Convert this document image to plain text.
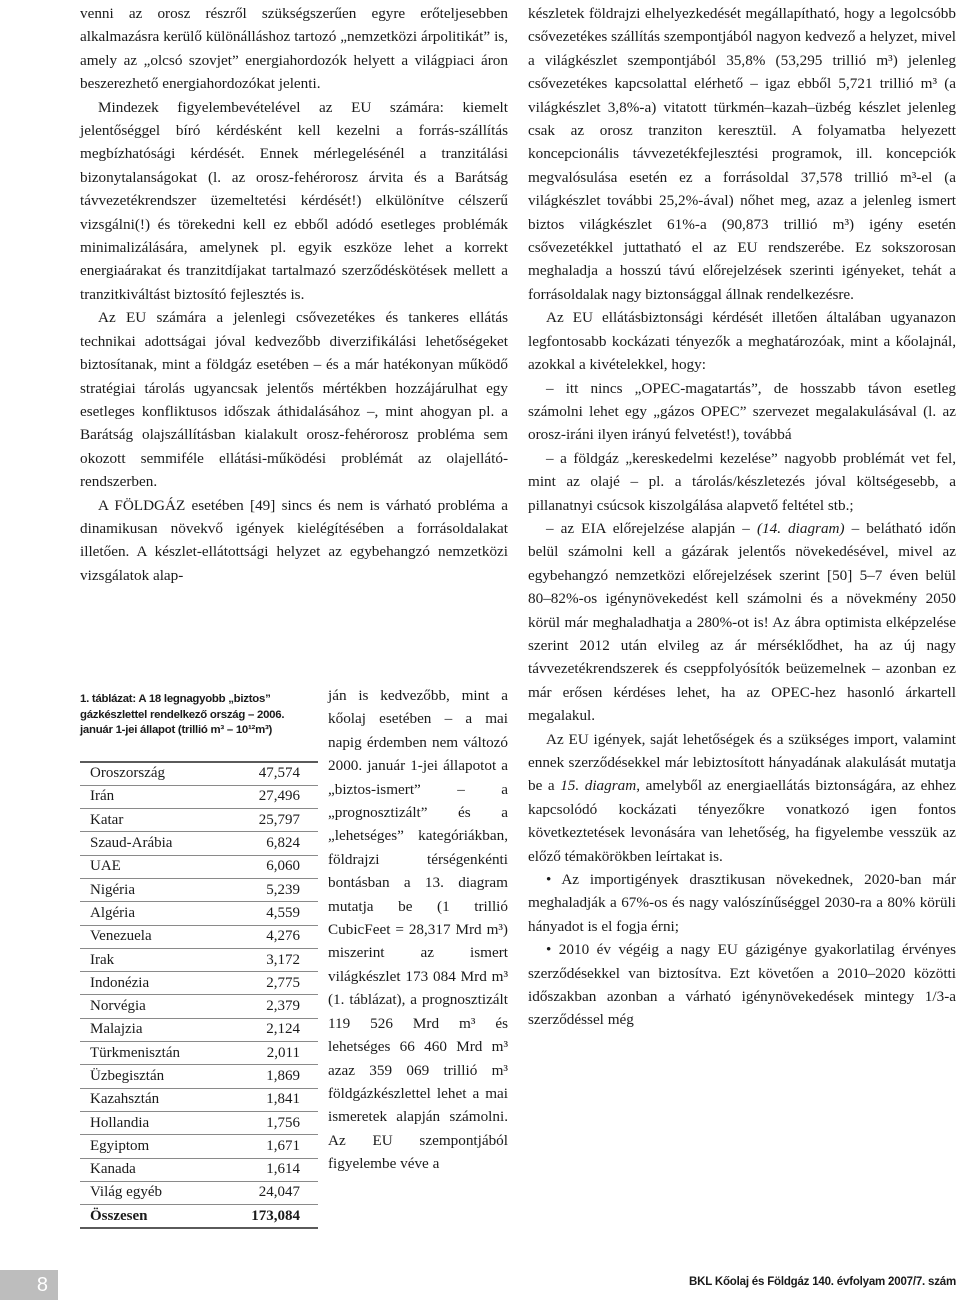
venni az orosz részről szükségszerűen egyre erőteljesebben alkalmazásra kerülő különálláshoz tartozó „nemzetközi árpolitikát” is, amely az „olcsó szovjet” energiahordozók helyett a világpiaci áron beszerezhető energiahordozókat jelenti.

Mindezek figyelembevételével az EU számára: kiemelt jelentőséggel bíró kérdésként kell kezelni a forrás-szállítás megbízhatósági kérdését. Ennek mérlegelésénél a tranzitálási bizonytalanságokat (l. az orosz-fehérorosz árvita és a Barátság távvezetékrendszer üzemeltetési kérdését!) elkülönítve célszerű vizsgálni(!) és törekedni kell ez ebből adódó esetleges problémák minimalizálására, amelynek pl. egyik eszköze lehet a korrekt energiaárakat és tranzitdíjakat tartalmazó szerződéskötések mellett a tranzitkiváltást biztosító fejlesztés is.

Az EU számára a jelenlegi csővezetékes és tankeres ellátás technikai adottságai jóval kedvezőbb diverzifikálási lehetőségeket biztosítanak, mint a földgáz esetében – és a már hatékonyan működő stratégiai tárolás ugyancsak jelentős mértékben hozzájárulhat egy esetleges konfliktusos időszak áthidalásához –, mint ahogyan pl. a Barátság olajszállításban kialakult orosz-fehérorosz probléma sem okozott semmiféle ellátási-működési problémát az olajellátó-rendszerben.

A FÖLDGÁZ esetében [49] sincs és nem is várható probléma a dinamikusan növekvő igények kielégítésében a forrásoldalakat illetően. A készlet-ellátottsági helyzet az egybehangzó nemzetközi vizsgálatok alap-

1. táblázat: A 18 legnagyobb „biztos” gázkészlettel rendelkező ország – 2006. január 1-jei állapot (trillió m³ – 10¹²m³)
Oroszország	47,574
Irán	27,496
Katar	25,797
Szaud-Arábia	6,824
UAE	6,060
Nigéria	5,239
Algéria	4,559
Venezuela	4,276
Irak	3,172
Indonézia	2,775
Norvégia	2,379
Malajzia	2,124
Türkmenisztán	2,011
Üzbegisztán	1,869
Kazahsztán	1,841
Hollandia	1,756
Egyiptom	1,671
Kanada	1,614
Világ egyéb	24,047
Összesen	173,084

ján is kedvezőbb, mint a kőolaj esetében – a mai napig érdemben nem változó 2000. január 1-jei állapotot a „biztos-ismert” – a „prognosztizált” és a „lehetséges” kategóriákban, földrajzi térségenkénti bontásban a 13. diagram mutatja be (1 trillió CubicFeet = 28,317 Mrd m³) miszerint az ismert világkészlet 173 084 Mrd m³ (1. táblázat), a prognosztizált 119 526 Mrd m³ és lehetséges 66 460 Mrd m³ azaz 359 069 trillió m³ földgázkészlettel lehet a mai ismeretek alapján számolni. Az EU szempontjából figyelembe véve a

készletek földrajzi elhelyezkedését megállapítható, hogy a legolcsóbb csővezetékes szállítás szempontjából nagyon kedvező a helyzet, mivel a világkészlet szempontjából 35,8% (53,295 trillió m³) jelenleg csővezetékes kapcsolattal elérhető – igaz ebből 5,721 trillió m³ (a világkészlet 3,8%-a) vitatott türkmén–kazah–üzbég készlet jelenleg csak az orosz tranziton keresztül. A folyamatba helyezett koncepcionális távvezetékfejlesztési programok, ill. koncepciók megvalósulása esetén ez a forrásoldal 37,578 trillió m³-el (a világkészlet további 25,2%-ával) nőhet meg, azaz a jelenleg ismert biztos világkészlet 61%-a (90,873 trillió m³) igény esetén csővezetékkel juttatható el az EU rendszerébe. Ez sokszorosan meghaladja a hosszú távú előrejelzések szerinti igényeket, tehát a forrásoldalak nagy biztonsággal állnak rendelkezésre.

Az EU ellátásbiztonsági kérdését illetően általában ugyanazon legfontosabb kockázati tényezők a meghatározóak, mint a kőolajnál, azokkal a kivételekkel, hogy:

– itt nincs „OPEC-magatartás”, de hosszabb távon esetleg számolni lehet egy „gázos OPEC” szervezet megalakulásával (l. az orosz-iráni ilyen irányú felvetést!), továbbá

– a földgáz „kereskedelmi kezelése” nagyobb problémát vet fel, mint az olajé – pl. a tárolás/készletezés jóval költségesebb, a pillanatnyi csúcsok kiszolgálása alapvető feltétel stb.;

– az EIA előrejelzése alapján – (14. diagram) – belátható időn belül számolni kell a gázárak jelentős növekedésével, mivel az egybehangzó nemzetközi előrejelzések szerint [50] 5–7 éven belül 80–82%-os igénynövekedést kell számolni és a növekmény 2050 körül már meghaladhatja a 280%-ot is! Az ábra optimista elképzelése szerint 2012 után elvileg az ár mérséklődhet, ha az új nagy távvezetékrendszerek és cseppfolyósítók beüzemelnek – azonban ez már erősen kérdéses lehet, ha az OPEC-hez hasonló árkartell megalakul.

Az EU igények, saját lehetőségek és a szükséges import, valamint ennek szerződésekkel már lebiztosított hányadának alakulását mutatja be a 15. diagram, amelyből az energiaellátás biztonságára, az ehhez kapcsolódó kockázati tényezőkre vonatkozó igen fontos következtetések levonására van lehetőség, ha figyelembe vesszük az előző témakörökben leírtakat is.

• Az importigények drasztikusan növekednek, 2020-ban már meghaladják a 67%-os és nagy valószínűséggel 2030-ra a 80% körüli hányadot is el fogja érni;

• 2010 év végéig a nagy EU gázigénye gyakorlatilag érvényes szerződésekkel van biztosítva. Ezt követően a 2010–2020 közötti időszakban azonban a várható igénynövekedések mintegy 1/3-a szerződéssel még

8	BKL Kőolaj és Földgáz 140. évfolyam 2007/7. szám
